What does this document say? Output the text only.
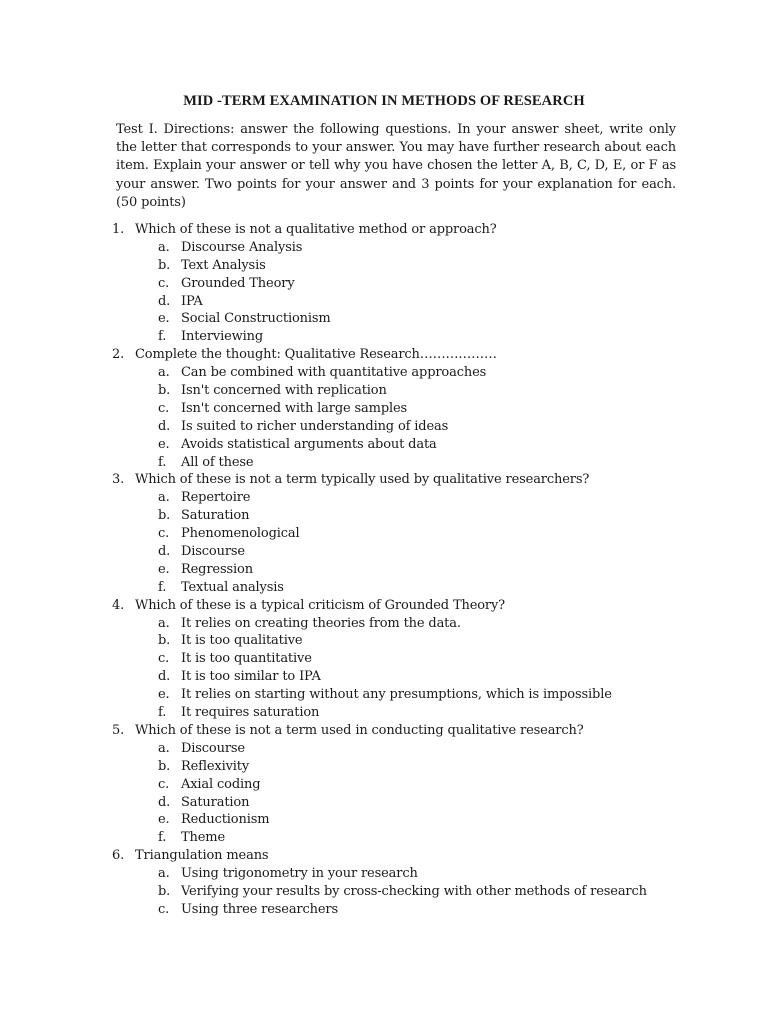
MID -TERM EXAMINATION IN METHODS OF RESEARCH
Test I. Directions: answer the following questions. In your answer sheet, write only the letter that corresponds to your answer. You may have further research about each item. Explain your answer or tell why you have chosen the letter A, B, C, D, E, or F as your answer. Two points for your answer and 3 points for your explanation for each. (50 points)
1. Which of these is not a qualitative method or approach?
a. Discourse Analysis
b. Text Analysis
c. Grounded Theory
d. IPA
e. Social Constructionism
f. Interviewing
2. Complete the thought: Qualitative Research………………
a. Can be combined with quantitative approaches
b. Isn't concerned with replication
c. Isn't concerned with large samples
d. Is suited to richer understanding of ideas
e. Avoids statistical arguments about data
f. All of these
3. Which of these is not a term typically used by qualitative researchers?
a. Repertoire
b. Saturation
c. Phenomenological
d. Discourse
e. Regression
f. Textual analysis
4. Which of these is a typical criticism of Grounded Theory?
a. It relies on creating theories from the data.
b. It is too qualitative
c. It is too quantitative
d. It is too similar to IPA
e. It relies on starting without any presumptions, which is impossible
f. It requires saturation
5. Which of these is not a term used in conducting qualitative research?
a. Discourse
b. Reflexivity
c. Axial coding
d. Saturation
e. Reductionism
f. Theme
6. Triangulation means
a. Using trigonometry in your research
b. Verifying your results by cross-checking with other methods of research
c. Using three researchers
